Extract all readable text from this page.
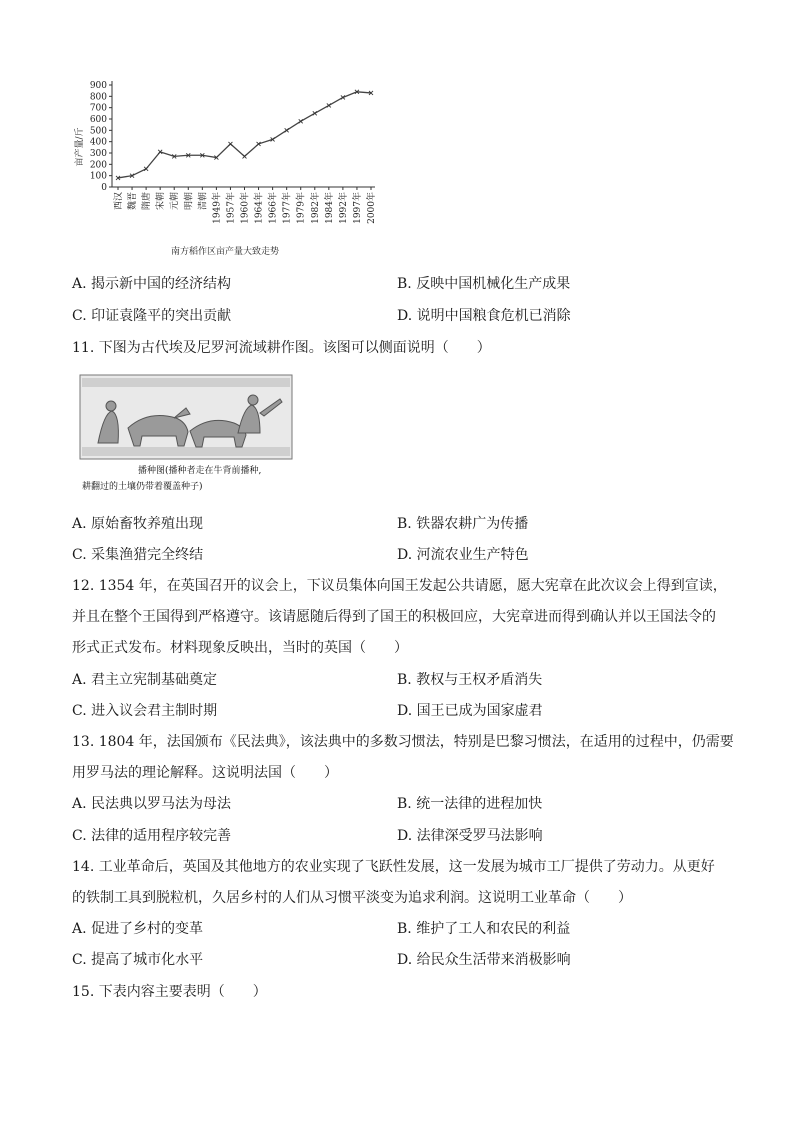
亩产量/斤
南方稻作区亩产量大致走势
0
100
200
300
400
500
600
700
800
900
西汉 魏晋 隋唐 宋朝 元朝 明朝 清朝 1949年 1957年 1960年 1964年 1966年 1977年 1979年 1982年 1984年 1992年 1997年 2000年
A. 揭示新中国的经济结构	B. 反映中国机械化生产成果
C. 印证袁隆平的突出贡献	D. 说明中国粮食危机已消除
11. 下图为古代埃及尼罗河流域耕作图。该图可以侧面说明（　　）
播种图(播种者走在牛背前播种,
耕翻过的土壤仍带着覆盖种子)
A. 原始畜牧养殖出现	B. 铁器农耕广为传播
C. 采集渔猎完全终结	D. 河流农业生产特色
12. 1354 年，在英国召开的议会上，下议员集体向国王发起公共请愿，愿大宪章在此次议会上得到宣读，
并且在整个王国得到严格遵守。该请愿随后得到了国王的积极回应，大宪章进而得到确认并以王国法令的
形式正式发布。材料现象反映出，当时的英国（　　）
A. 君主立宪制基础奠定	B. 教权与王权矛盾消失
C. 进入议会君主制时期	D. 国王已成为国家虚君
13. 1804 年，法国颁布《民法典》，该法典中的多数习惯法，特别是巴黎习惯法，在适用的过程中，仍需要
用罗马法的理论解释。这说明法国（　　）
A. 民法典以罗马法为母法	B. 统一法律的进程加快
C. 法律的适用程序较完善	D. 法律深受罗马法影响
14. 工业革命后，英国及其他地方的农业实现了飞跃性发展，这一发展为城市工厂提供了劳动力。从更好
的铁制工具到脱粒机，久居乡村的人们从习惯平淡变为追求利润。这说明工业革命（　　）
A. 促进了乡村的变革	B. 维护了工人和农民的利益
C. 提高了城市化水平	D. 给民众生活带来消极影响
15. 下表内容主要表明（　　）
